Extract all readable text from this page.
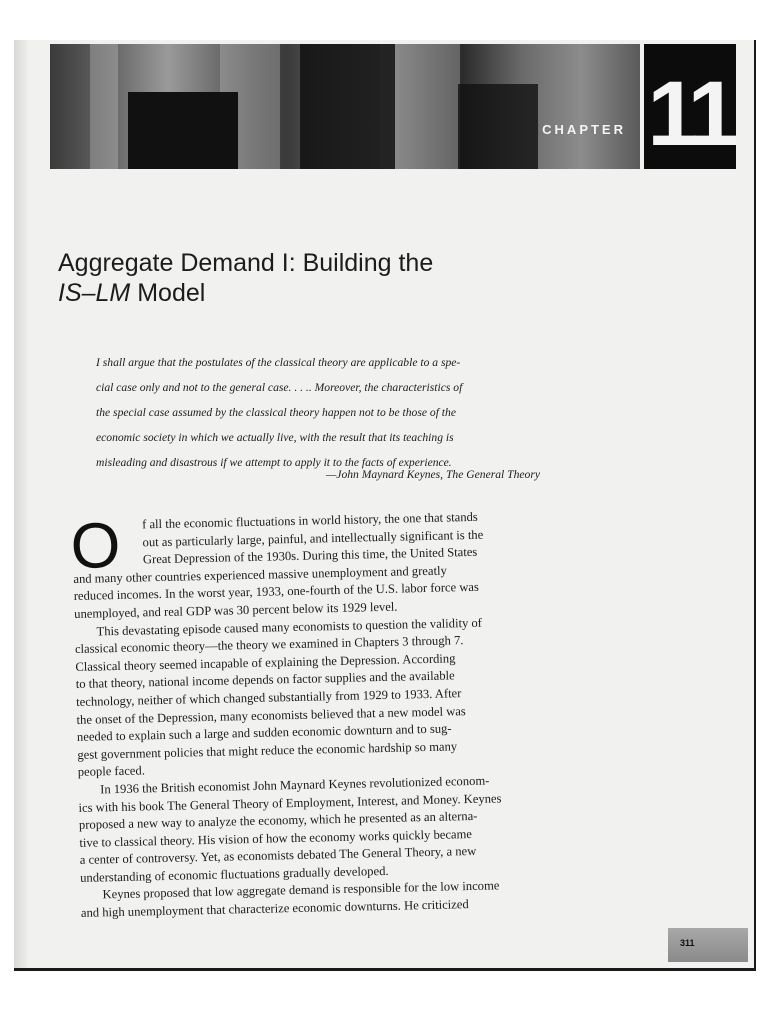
CHAPTER 11
Aggregate Demand I: Building the
IS–LM Model

I shall argue that the postulates of the classical theory are applicable to a spe-

cial case only and not to the general case. . . .. Moreover, the characteristics of

the special case assumed by the classical theory happen not to be those of the

economic society in which we actually live, with the result that its teaching is

misleading and disastrous if we attempt to apply it to the facts of experience.

—John Maynard Keynes, The General Theory
O	f all the economic fluctuations in world history, the one that stands

out as particularly large, painful, and intellectually significant is the

Great Depression of the 1930s. During this time, the United States

and many other countries experienced massive unemployment and greatly

reduced incomes. In the worst year, 1933, one-fourth of the U.S. labor force was

unemployed, and real GDP was 30 percent below its 1929 level.

This devastating episode caused many economists to question the validity of

classical economic theory—the theory we examined in Chapters 3 through 7.

Classical theory seemed incapable of explaining the Depression. According

to that theory, national income depends on factor supplies and the available

technology, neither of which changed substantially from 1929 to 1933. After

the onset of the Depression, many economists believed that a new model was

needed to explain such a large and sudden economic downturn and to sug-

gest government policies that might reduce the economic hardship so many

people faced.

In 1936 the British economist John Maynard Keynes revolutionized econom-

ics with his book The General Theory of Employment, Interest, and Money. Keynes

proposed a new way to analyze the economy, which he presented as an alterna-

tive to classical theory. His vision of how the economy works quickly became

a center of controversy. Yet, as economists debated The General Theory, a new

understanding of economic fluctuations gradually developed.

Keynes proposed that low aggregate demand is responsible for the low income

and high unemployment that characterize economic downturns. He criticized

311
